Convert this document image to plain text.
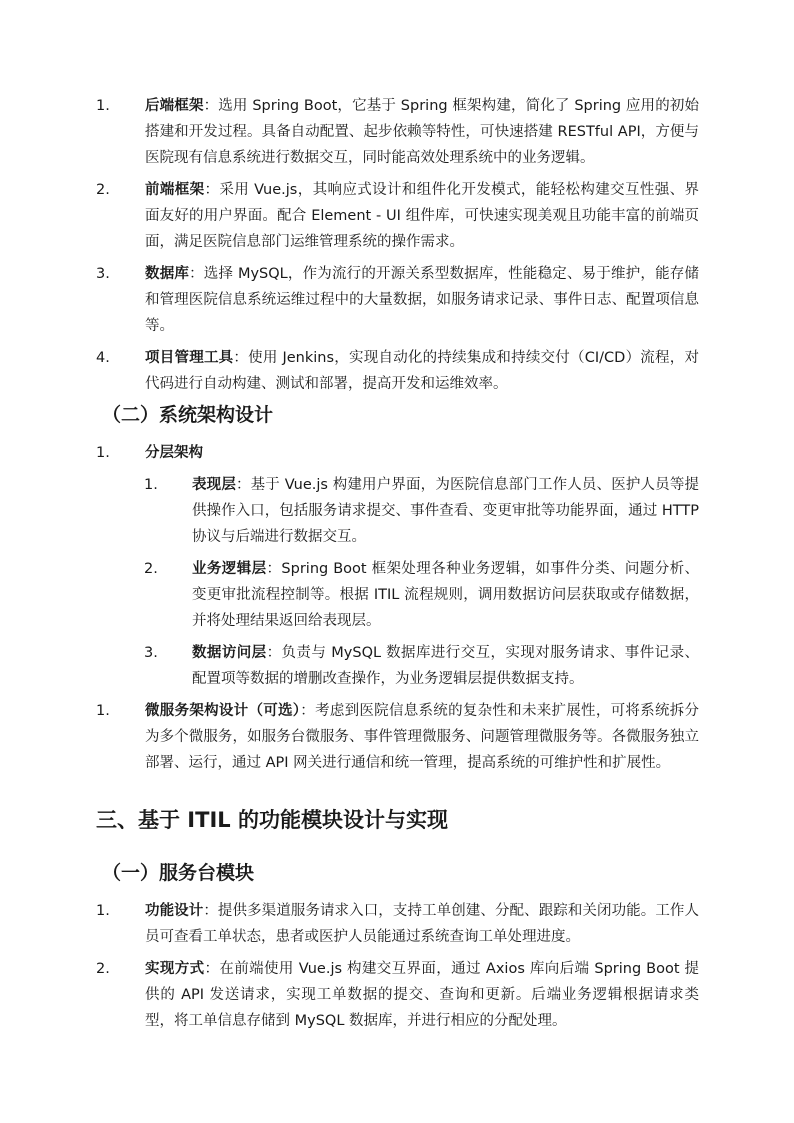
1. 后端框架：选用 Spring Boot，它基于 Spring 框架构建，简化了 Spring 应用的初始搭建和开发过程。具备自动配置、起步依赖等特性，可快速搭建 RESTful API，方便与医院现有信息系统进行数据交互，同时能高效处理系统中的业务逻辑。
2. 前端框架：采用 Vue.js，其响应式设计和组件化开发模式，能轻松构建交互性强、界面友好的用户界面。配合 Element - UI 组件库，可快速实现美观且功能丰富的前端页面，满足医院信息部门运维管理系统的操作需求。
3. 数据库：选择 MySQL，作为流行的开源关系型数据库，性能稳定、易于维护，能存储和管理医院信息系统运维过程中的大量数据，如服务请求记录、事件日志、配置项信息等。
4. 项目管理工具：使用 Jenkins，实现自动化的持续集成和持续交付（CI/CD）流程，对代码进行自动构建、测试和部署，提高开发和运维效率。
（二）系统架构设计
1. 分层架构
1. 表现层：基于 Vue.js 构建用户界面，为医院信息部门工作人员、医护人员等提供操作入口，包括服务请求提交、事件查看、变更审批等功能界面，通过 HTTP 协议与后端进行数据交互。
2. 业务逻辑层：Spring Boot 框架处理各种业务逻辑，如事件分类、问题分析、变更审批流程控制等。根据 ITIL 流程规则，调用数据访问层获取或存储数据，并将处理结果返回给表现层。
3. 数据访问层：负责与 MySQL 数据库进行交互，实现对服务请求、事件记录、配置项等数据的增删改查操作，为业务逻辑层提供数据支持。
1. 微服务架构设计（可选）：考虑到医院信息系统的复杂性和未来扩展性，可将系统拆分为多个微服务，如服务台微服务、事件管理微服务、问题管理微服务等。各微服务独立部署、运行，通过 API 网关进行通信和统一管理，提高系统的可维护性和扩展性。
三、基于 ITIL 的功能模块设计与实现
（一）服务台模块
1. 功能设计：提供多渠道服务请求入口，支持工单创建、分配、跟踪和关闭功能。工作人员可查看工单状态，患者或医护人员能通过系统查询工单处理进度。
2. 实现方式：在前端使用 Vue.js 构建交互界面，通过 Axios 库向后端 Spring Boot 提供的 API 发送请求，实现工单数据的提交、查询和更新。后端业务逻辑根据请求类型，将工单信息存储到 MySQL 数据库，并进行相应的分配处理。
